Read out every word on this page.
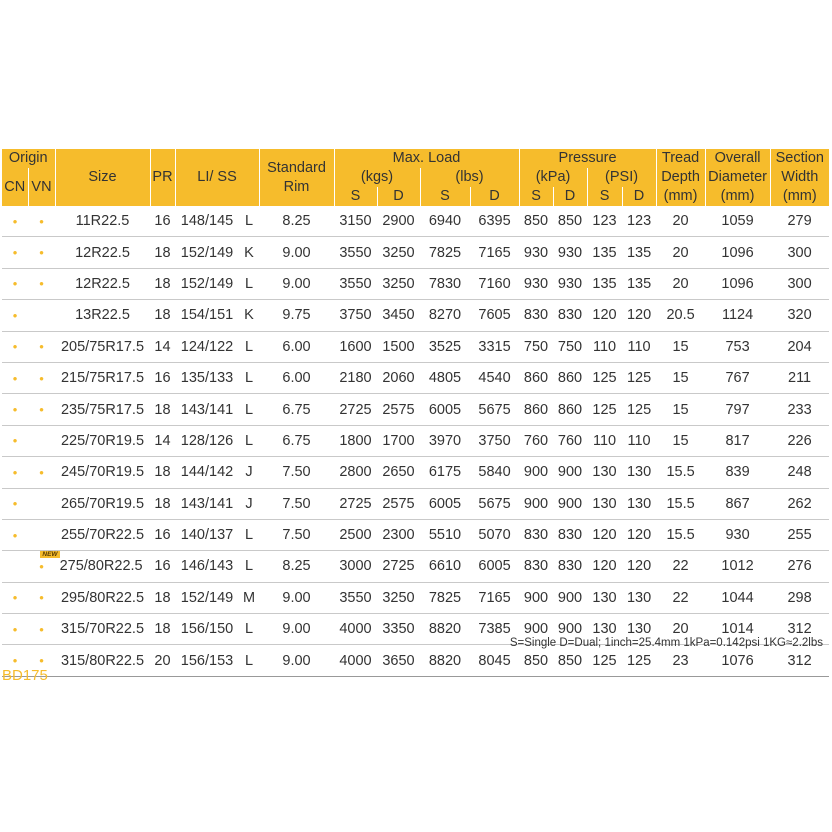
Origin		Size	PR	LI/ SS		Standard Rim	Max. Load				Pressure				Tread Depth	Overall Diameter	Section Width
CN	VN						(kgs)		(lbs)		(kPa)		(PSI)				
							S	D	S	D	S	D	S	D	(mm)	(mm)	(mm)
•	•	11R22.5	16	148/145	L	8.25	3150	2900	6940	6395	850	850	123	123	20	1059	279
•	•	12R22.5	18	152/149	K	9.00	3550	3250	7825	7165	930	930	135	135	20	1096	300
•	•	12R22.5	18	152/149	L	9.00	3550	3250	7830	7160	930	930	135	135	20	1096	300
•		13R22.5	18	154/151	K	9.75	3750	3450	8270	7605	830	830	120	120	20.5	1124	320
•	•	205/75R17.5	14	124/122	L	6.00	1600	1500	3525	3315	750	750	110	110	15	753	204
•	•	215/75R17.5	16	135/133	L	6.00	2180	2060	4805	4540	860	860	125	125	15	767	211
•	•	235/75R17.5	18	143/141	L	6.75	2725	2575	6005	5675	860	860	125	125	15	797	233
•		225/70R19.5	14	128/126	L	6.75	1800	1700	3970	3750	760	760	110	110	15	817	226
•	•	245/70R19.5	18	144/142	J	7.50	2800	2650	6175	5840	900	900	130	130	15.5	839	248
•		265/70R19.5	18	143/141	J	7.50	2725	2575	6005	5675	900	900	130	130	15.5	867	262
•		255/70R22.5	16	140/137	L	7.50	2500	2300	5510	5070	830	830	120	120	15.5	930	255
	•	NEW275/80R22.5	16	146/143	L	8.25	3000	2725	6610	6005	830	830	120	120	22	1012	276
•	•	295/80R22.5	18	152/149	M	9.00	3550	3250	7825	7165	900	900	130	130	22	1044	298
•	•	315/70R22.5	18	156/150	L	9.00	4000	3350	8820	7385	900	900	130	130	20	1014	312
•	•	315/80R22.5	20	156/153	L	9.00	4000	3650	8820	8045	850	850	125	125	23	1076	312
S=Single D=Dual; 1inch=25.4mm 1kPa=0.142psi 1KG≈2.2lbs
BD175
